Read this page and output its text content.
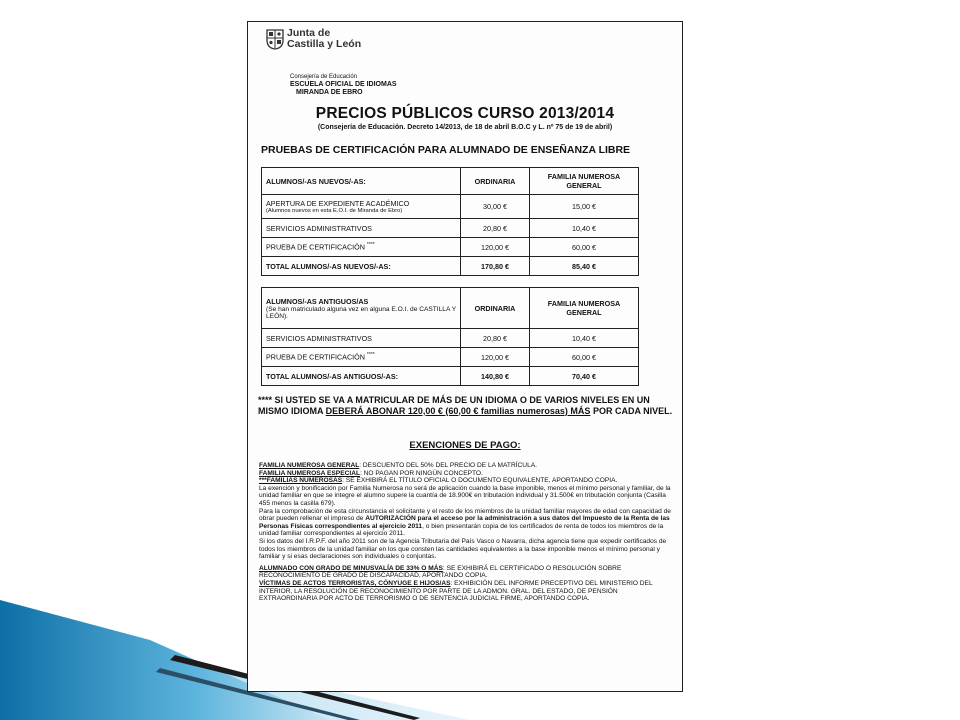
Junta de
Castilla y León
Consejería de Educación
ESCUELA OFICIAL DE IDIOMAS
MIRANDA DE EBRO
PRECIOS PÚBLICOS CURSO 2013/2014
(Consejería de Educación. Decreto 14/2013, de 18 de abril B.O.C y L. nº 75 de 19 de abril)
PRUEBAS DE CERTIFICACIÓN PARA ALUMNADO DE ENSEÑANZA LIBRE
ALUMNOS/-AS NUEVOS/-AS:	ORDINARIA	FAMILIA NUMEROSA GENERAL

APERTURA DE EXPEDIENTE ACADÉMICO
(Alumnos nuevos en esta E.O.I. de Miranda de Ebro)	30,00 €	15,00 €
SERVICIOS ADMINISTRATIVOS	20,80 €	10,40 €
PRUEBA DE CERTIFICACIÓN ****	120,00 €	60,00 €
TOTAL ALUMNOS/-AS NUEVOS/-AS:	170,80 €	85,40 €
ALUMNOS/-AS ANTIGUOS/AS
(Se han matriculado alguna vez en alguna E.O.I. de CASTILLA Y LEÓN).	ORDINARIA	FAMILIA NUMEROSA GENERAL
SERVICIOS ADMINISTRATIVOS	20,80 €	10,40 €
PRUEBA DE CERTIFICACIÓN ****	120,00 €	60,00 €
TOTAL ALUMNOS/-AS ANTIGUOS/-AS:	140,80 €	70,40 €
**** SI USTED SE VA A MATRICULAR DE MÁS DE UN IDIOMA O DE VARIOS NIVELES EN UN MISMO IDIOMA DEBERÁ ABONAR 120,00 € (60,00 € familias numerosas) MÁS POR CADA NIVEL.
EXENCIONES DE PAGO:

FAMILIA NUMEROSA GENERAL: DESCUENTO DEL 50% DEL PRECIO DE LA MATRÍCULA.

FAMILIA NUMEROSA ESPECIAL: NO PAGAN POR NINGÚN CONCEPTO.

***FAMILIAS NUMEROSAS: SE EXHIBIRÁ EL TÍTULO OFICIAL O DOCUMENTO EQUIVALENTE, APORTANDO COPIA.

La exención y bonificación por Familia Numerosa no será de aplicación cuando la base imponible, menos el mínimo personal y familiar, de la unidad familiar en que se integre el alumno supere la cuantía de 18.900€ en tributación individual y 31.500€ en tributación conjunta (Casilla 455 menos la casilla 679).

Para la comprobación de esta circunstancia el solicitante y el resto de los miembros de la unidad familiar mayores de edad con capacidad de obrar pueden rellenar el impreso de AUTORIZACIÓN para el acceso por la administración a sus datos del Impuesto de la Renta de las Personas Físicas correspondientes al ejercicio 2011, o bien presentarán copia de los certificados de renta de todos los miembros de la unidad familiar correspondientes al ejercicio 2011.

Si los datos del I.R.P.F. del año 2011 son de la Agencia Tributaria del País Vasco o Navarra, dicha agencia tiene que expedir certificados de todos los miembros de la unidad familiar en los que consten las cantidades equivalentes a la base imponible menos el mínimo personal y familiar y si esas declaraciones son individuales o conjuntas.

ALUMNADO CON GRADO DE MINUSVALÍA DE 33% O MÁS: SE EXHIBIRÁ EL CERTIFICADO O RESOLUCIÓN SOBRE RECONOCIMIENTO DE GRADO DE DISCAPACIDAD, APORTANDO COPIA.

VÍCTIMAS DE ACTOS TERRORISTAS, CÓNYUGE E HIJOS/AS: EXHIBICIÓN DEL INFORME PRECEPTIVO DEL MINISTERIO DEL INTERIOR, LA RESOLUCIÓN DE RECONOCIMIENTO POR PARTE DE LA ADMON. GRAL. DEL ESTADO, DE PENSIÓN EXTRAORDINARIA POR ACTO DE TERRORISMO O DE SENTENCIA JUDICIAL FIRME, APORTANDO COPIA.
